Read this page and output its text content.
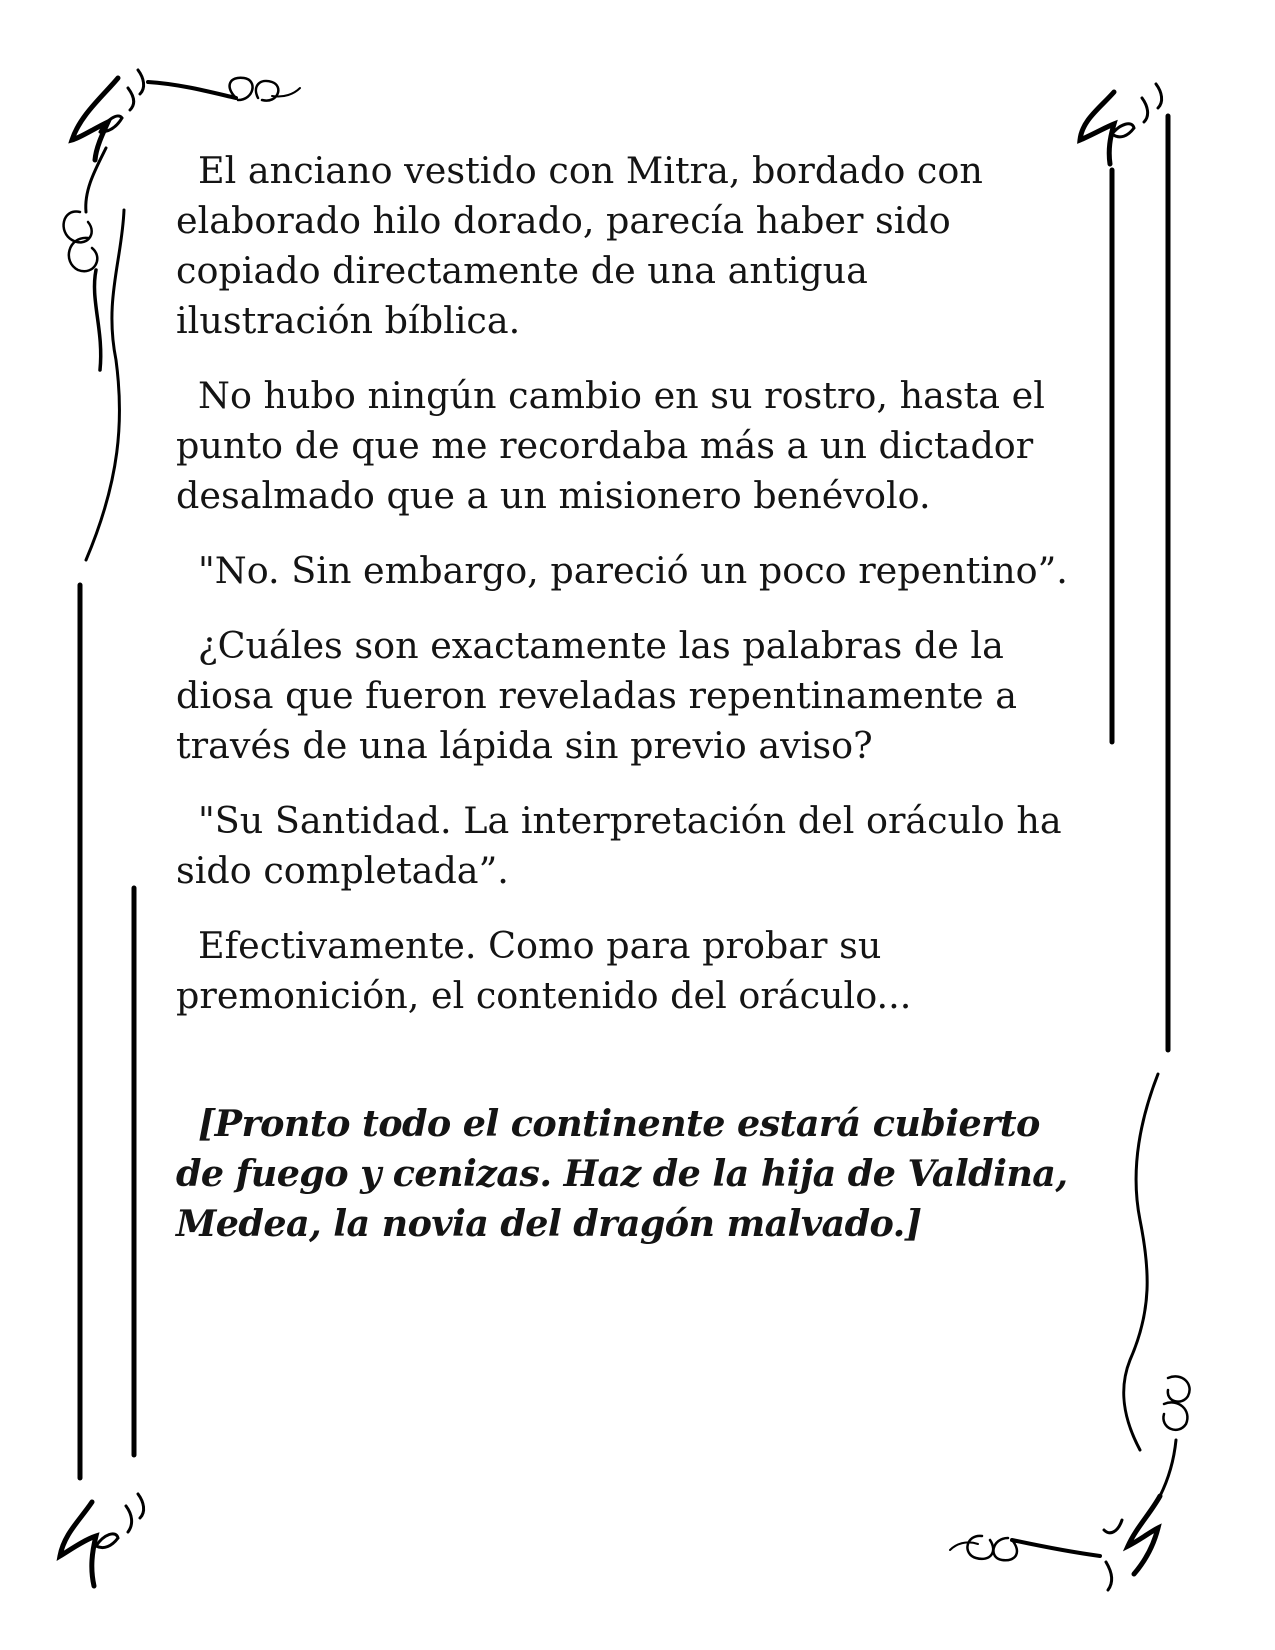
El anciano vestido con Mitra, bordado con elaborado hilo dorado, parecía haber sido copiado directamente de una antigua ilustración bíblica.

No hubo ningún cambio en su rostro, hasta el punto de que me recordaba más a un dictador desalmado que a un misionero benévolo.

"No. Sin embargo, pareció un poco repentino”.

¿Cuáles son exactamente las palabras de la diosa que fueron reveladas repentinamente a través de una lápida sin previo aviso?

"Su Santidad. La interpretación del oráculo ha sido completada”.

Efectivamente. Como para probar su premonición, el contenido del oráculo...

[Pronto todo el continente estará cubierto de fuego y cenizas. Haz de la hija de Valdina, Medea, la novia del dragón malvado.]
